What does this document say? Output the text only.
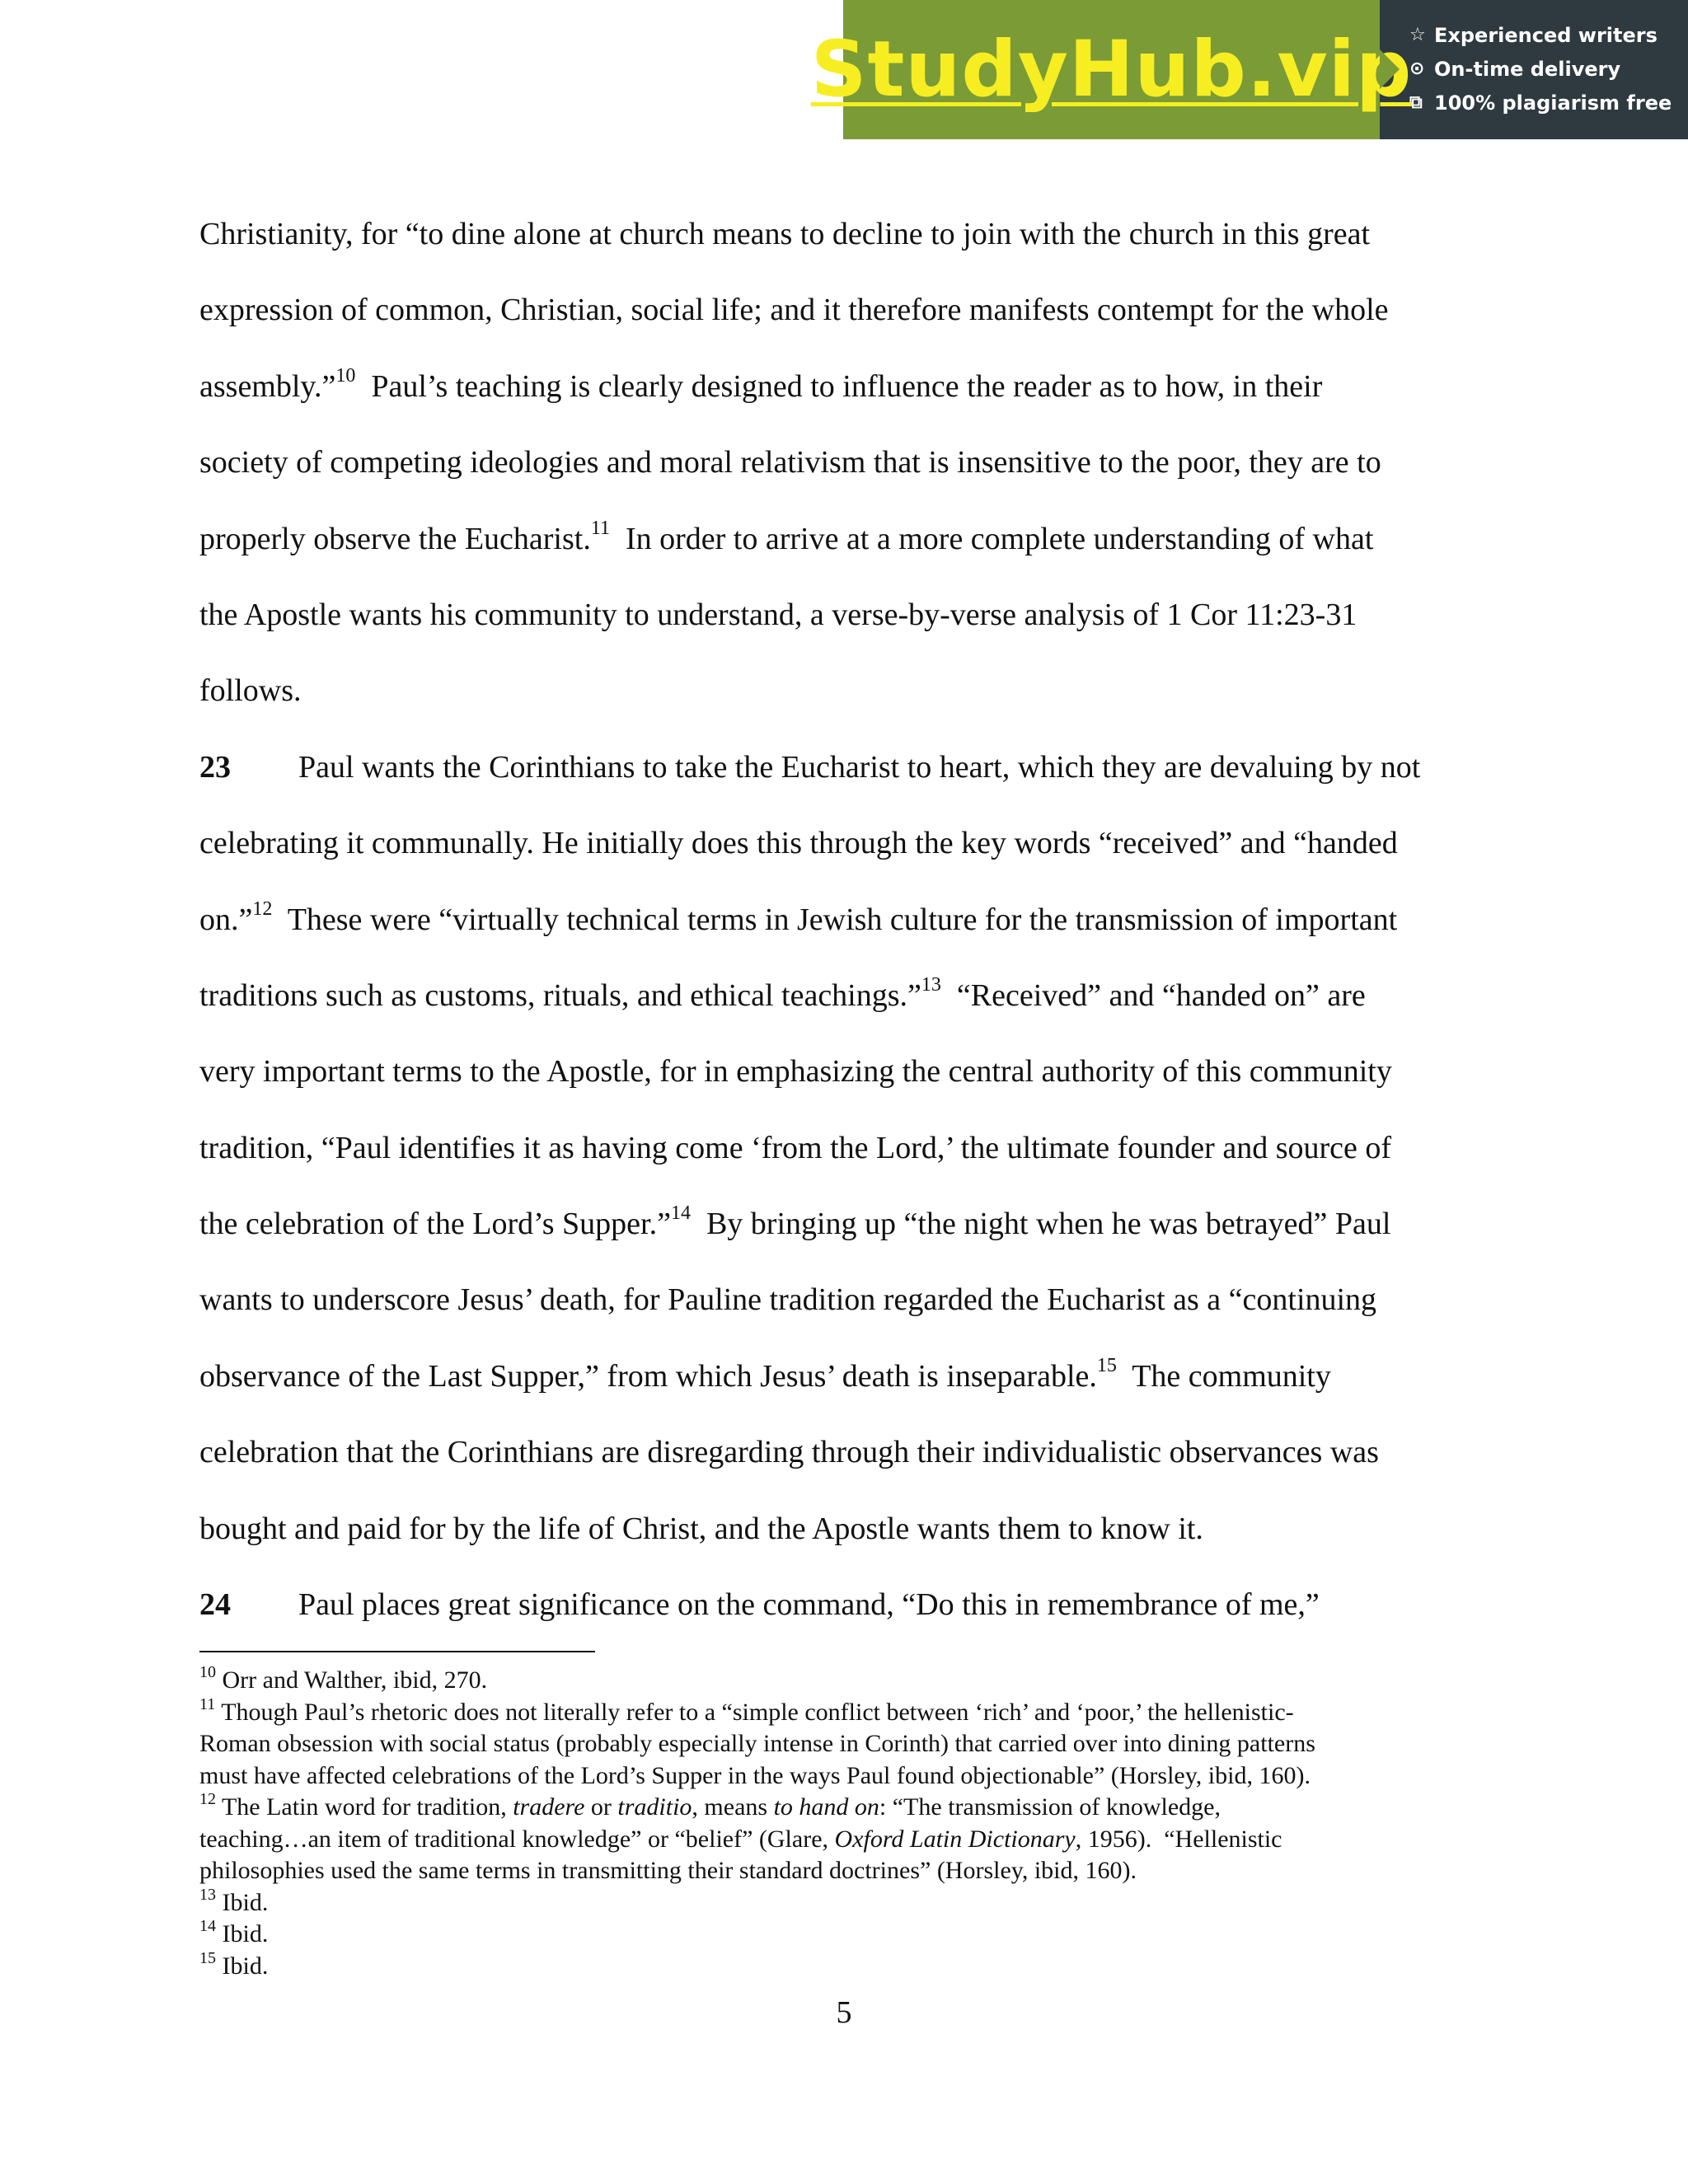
StudyHub.vip
☆ Experienced writers
⊙ On-time delivery
⧉ 100% plagiarism free
Christianity, for “to dine alone at church means to decline to join with the church in this great
expression of common, Christian, social life; and it therefore manifests contempt for the whole
assembly.”$^{10}$  Paul’s teaching is clearly designed to influence the reader as to how, in their
society of competing ideologies and moral relativism that is insensitive to the poor, they are to
properly observe the Eucharist.$^{11}$  In order to arrive at a more complete understanding of what
the Apostle wants his community to understand, a verse-by-verse analysis of 1 Cor 11:23-31
follows.
23 Paul wants the Corinthians to take the Eucharist to heart, which they are devaluing by not
celebrating it communally. He initially does this through the key words “received” and “handed
on.”$^{12}$  These were “virtually technical terms in Jewish culture for the transmission of important
traditions such as customs, rituals, and ethical teachings.”$^{13}$  “Received” and “handed on” are
very important terms to the Apostle, for in emphasizing the central authority of this community
tradition, “Paul identifies it as having come ‘from the Lord,’ the ultimate founder and source of
the celebration of the Lord’s Supper.”$^{14}$  By bringing up “the night when he was betrayed” Paul
wants to underscore Jesus’ death, for Pauline tradition regarded the Eucharist as a “continuing
observance of the Last Supper,” from which Jesus’ death is inseparable.$^{15}$  The community
celebration that the Corinthians are disregarding through their individualistic observances was
bought and paid for by the life of Christ, and the Apostle wants them to know it.
24 Paul places great significance on the command, “Do this in remembrance of me,”
$^{10}$ Orr and Walther, ibid, 270.
$^{11}$ Though Paul’s rhetoric does not literally refer to a “simple conflict between ‘rich’ and ‘poor,’ the hellenistic-
Roman obsession with social status (probably especially intense in Corinth) that carried over into dining patterns
must have affected celebrations of the Lord’s Supper in the ways Paul found objectionable” (Horsley, ibid, 160).
$^{12}$ The Latin word for tradition, tradere or traditio, means to hand on: “The transmission of knowledge,
teaching…an item of traditional knowledge” or “belief” (Glare, Oxford Latin Dictionary, 1956).  “Hellenistic
philosophies used the same terms in transmitting their standard doctrines” (Horsley, ibid, 160).
$^{13}$ Ibid.
$^{14}$ Ibid.
$^{15}$ Ibid.
5
